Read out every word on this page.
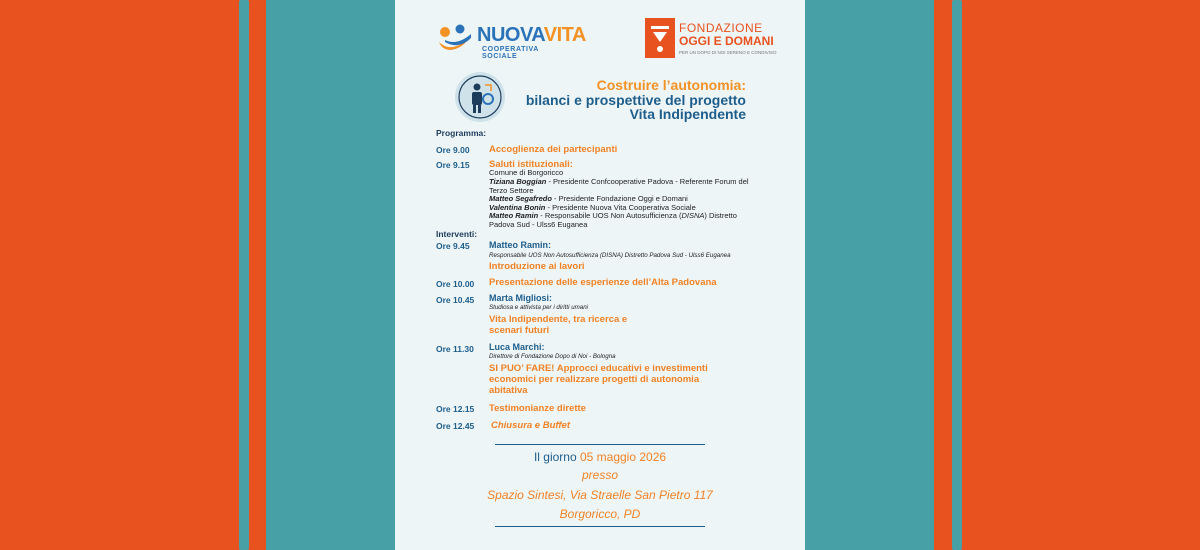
NUOVAVITA
COOPERATIVA SOCIALE
FONDAZIONE
OGGI E DOMANI
PER UN DOPO DI NOI SERENO E CONDIVISO
Costruire l’autonomia:
bilanci e prospettive del progetto
Vita Indipendente
Programma:
Ore 9.00 Accoglienza dei partecipanti
Ore 9.15 Saluti istituzionali:
Comune di Borgoricco
Tiziana Boggian - Presidente Confcooperative Padova - Referente Forum del
Terzo Settore
Matteo Segafredo - Presidente Fondazione Oggi e Domani
Valentina Bonin - Presidente Nuova Vita Cooperativa Sociale
Matteo Ramin - Responsabile UOS Non Autosufficienza (DISNA) Distretto
Padova Sud - Ulss6 Euganea
Interventi:
Ore 9.45 Matteo Ramin:
Responsabile UOS Non Autosufficienza (DISNA) Distretto Padova Sud - Ulss6 Euganea
Introduzione ai lavori
Ore 10.00 Presentazione delle esperienze dell’Alta Padovana
Ore 10.45 Marta Migliosi:
Studiosa e attivista per i diritti umani
Vita Indipendente, tra ricerca e
scenari futuri
Ore 11.30 Luca Marchi:
Direttore di Fondazione Dopo di Noi - Bologna
SI PUO’ FARE! Approcci educativi e investimenti
economici per realizzare progetti di autonomia
abitativa
Ore 12.15 Testimonianze dirette
Ore 12.45 Chiusura e Buffet
Il giorno 05 maggio 2026
presso
Spazio Sintesi, Via Straelle San Pietro 117
Borgoricco, PD
